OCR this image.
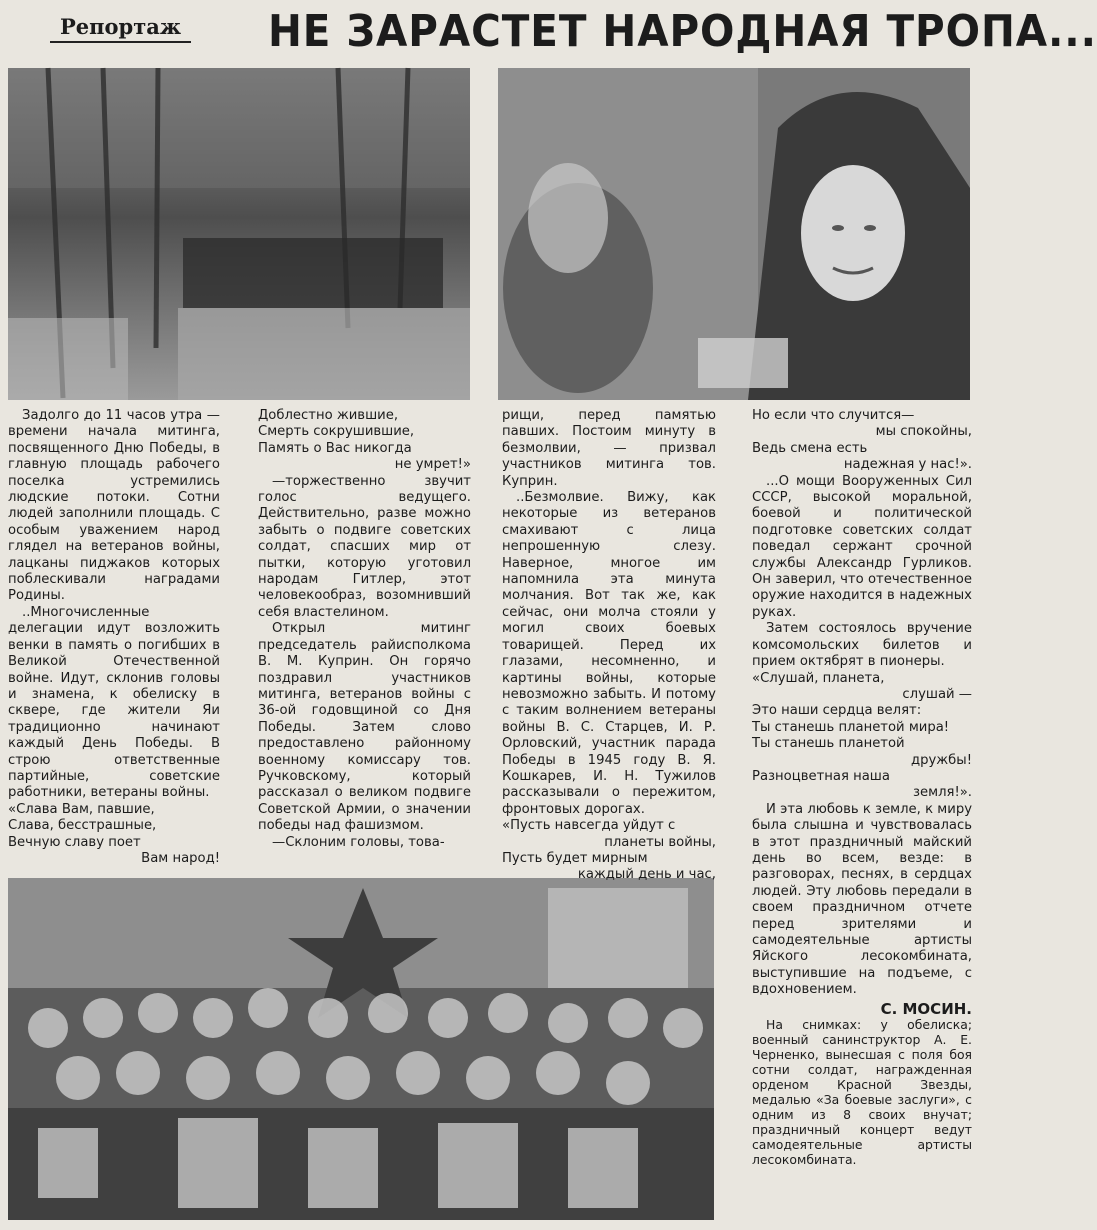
Репортаж НЕ ЗАРАСТЕТ НАРОДНАЯ ТРОПА...

Задолго до 11 часов утра —времени начала митинга, посвященного Дню Победы, в главную площадь рабочего поселка устремились людские потоки. Сотни людей заполнили площадь. С особым уважением народ глядел на ветеранов войны, лацканы пиджаков которых поблескивали наградами Родины.

..Многочисленные делегации идут возложить венки в память о погибших в Великой Отечественной войне. Идут, склонив головы и знамена, к обелиску в сквере, где жители Яи традиционно начинают каждый День Победы. В строю ответственные партийные, советские работники, ветераны войны.

«Слава Вам, павшие,
Слава, бесстрашные,
Вечную славу поет
Вам народ!
Доблестно жившие,
Смерть сокрушившие,
Память о Вас никогда
не умрет!»

—торжественно звучит голос ведущего. Действительно, разве можно забыть о подвиге советских солдат, спасших мир от пытки, которую уготовил народам Гитлер, этот человекообраз, возомнивший себя властелином.

Открыл митинг председатель райисполкома В. М. Куприн. Он горячо поздравил участников митинга, ветеранов войны с 36-ой годовщиной со Дня Победы. Затем слово предоставлено районному военному комиссару тов. Ручковскому, который рассказал о великом подвиге Советской Армии, о значении победы над фашизмом.

—Склоним головы, това-

рищи, перед памятью павших. Постоим минуту в безмолвии, — призвал участников митинга тов. Куприн.

..Безмолвие. Вижу, как некоторые из ветеранов смахивают с лица непрошенную слезу. Наверное, многое им напомнила эта минута молчания. Вот так же, как сейчас, они молча стояли у могил своих боевых товарищей. Перед их глазами, несомненно, и картины войны, которые невозможно забыть. И потому с таким волнением ветераны войны В. С. Старцев, И. Р. Орловский, участник парада Победы в 1945 году В. Я. Кошкарев, И. Н. Тужилов рассказывали о пережитом, фронтовых дорогах.

«Пусть навсегда уйдут с
планеты войны,
Пусть будет мирным
каждый день и час,
Но если что случится—
мы спокойны,
Ведь смена есть
надежная у нас!».

...О мощи Вооруженных Сил СССР, высокой моральной, боевой и политической подготовке советских солдат поведал сержант срочной службы Александр Гурликов. Он заверил, что отечественное оружие находится в надежных руках.

Затем состоялось вручение комсомольских билетов и прием октябрят в пионеры.

«Слушай, планета,
слушай —
Это наши сердца велят:
Ты станешь планетой мира!
Ты станешь планетой
дружбы!
Разноцветная наша
земля!».

И эта любовь к земле, к миру была слышна и чувствовалась в этот праздничный майский день во всем, везде: в разговорах, песнях, в сердцах людей. Эту любовь передали в своем праздничном отчете перед зрителями и самодеятельные артисты Яйского лесокомбината, выступившие на подъеме, с вдохновением.

С. МОСИН.

На снимках: у обелиска; военный санинструктор А. Е. Черненко, вынесшая с поля боя сотни солдат, награжденная орденом Красной Звезды, медалью «За боевые заслуги», с одним из 8 своих внучат; праздничный концерт ведут самодеятельные артисты лесокомбината.
